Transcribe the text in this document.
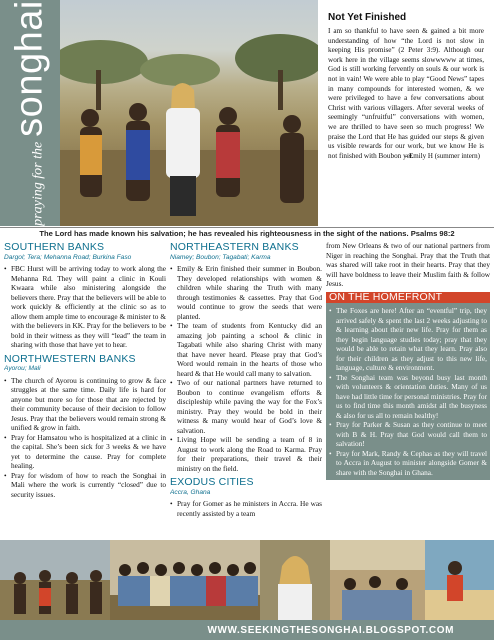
praying for thesonghai	Not Yet Finished

I am so thankful to have seen & gained a bit more understanding of how “the Lord is not slow in keeping His promise” (2 Peter 3:9). Although our work here in the village seems slowwwww at times, God is still working fervently on souls & our work is not in vain! We were able to play “Good News” tapes in many compounds for interested women, & we were privileged to have a few conversations about Christ with various villagers. After several weeks of seemingly “unfruitful” conversations with women, we are thrilled to have seen so much progress! We praise the Lord that He has guided our steps & given us visible rewards for our work, but we know He is not finished with Boubon yet.

- Emily H (summer intern)
The Lord has made known his salvation; he has revealed his righteousness in the sight of the nations. Psalms 98:2
SOUTHERN BANKS
Dargol; Tera; Mehanna Road; Burkina Faso
• FBC Hurst will be arriving today to work along the Mehanna Rd. They will paint a clinic in Kouli Kwaara while also ministering alongside the believers there. Pray that the believers will be able to work quickly & efficiently at the clinic so as to allow them ample time to encourage & minister to & with the believers in KK. Pray for the believers to be bold in their witness as they will “lead” the team in sharing with those that have yet to hear.
NORTHWESTERN BANKS
Ayorou; Mali
• The church of Ayorou is continuing to grow & face struggles at the same time. Daily life is hard for anyone but more so for those that are rejected by their community because of their decision to follow Jesus. Pray that the believers would remain strong & unified & grow in faith.
• Pray for Hamsatou who is hospitalized at a clinic in the capital. She’s been sick for 3 weeks & we have yet to determine the cause. Pray for complete healing.
• Pray for wisdom of how to reach the Songhai in Mali where the work is currently “closed” due to security issues.
NORTHEASTERN BANKS
Niamey; Boubon; Tagabati; Karma
• Emily & Erin finished their summer in Boubon. They developed relationships with women & children while sharing the Truth with many through testimonies & cassettes. Pray that God would continue to grow the seeds that were planted.
• The team of students from Kentucky did an amazing job painting a school & clinic in Tagabati while also sharing Christ with many that have never heard. Please pray that God’s Word would remain in the hearts of those who heard & that He would call many to salvation.
• Two of our national partners have returned to Boubon to continue evangelism efforts & discipleship while paving the way for the Fox’s ministry. Pray they would be bold in their witness & many would hear of God’s love & salvation.
• Living Hope will be sending a team of 8 in August to work along the Road to Karma. Pray for their preparations, their travel & their ministry on the field.
EXODUS CITIES
Accra, Ghana
• Pray for Gomer as he ministers in Accra. He was recently assisted by a team

from New Orleans & two of our national partners from Niger in reaching the Songhai. Pray that the Truth that was shared will take root in their hearts. Pray that they will have boldness to leave their Muslim faith & follow Jesus.

ON THE HOMEFRONT
• The Foxes are here! After an “eventful” trip, they arrived safely & spent the last 2 weeks adjusting to & learning about their new life. Pray for them as they begin language studies today; pray that they would be able to retain what they learn. Pray also for their children as they adjust to this new life, language, culture & environment.
• The Songhai team was beyond busy last month with volunteers & orientation duties. Many of us have had little time for personal ministries. Pray for us to find time this month amidst all the busyness & also for us all to remain healthy!
• Pray for Parker & Susan as they continue to meet with B & H. Pray that God would call them to salvation!
• Pray for Mark, Randy & Cephas as they will travel to Accra in August to minister alongside Gomer & share with the Songhai in Ghana.
WWW.SEEKINGTHESONGHAI.BLOGSPOT.COM
